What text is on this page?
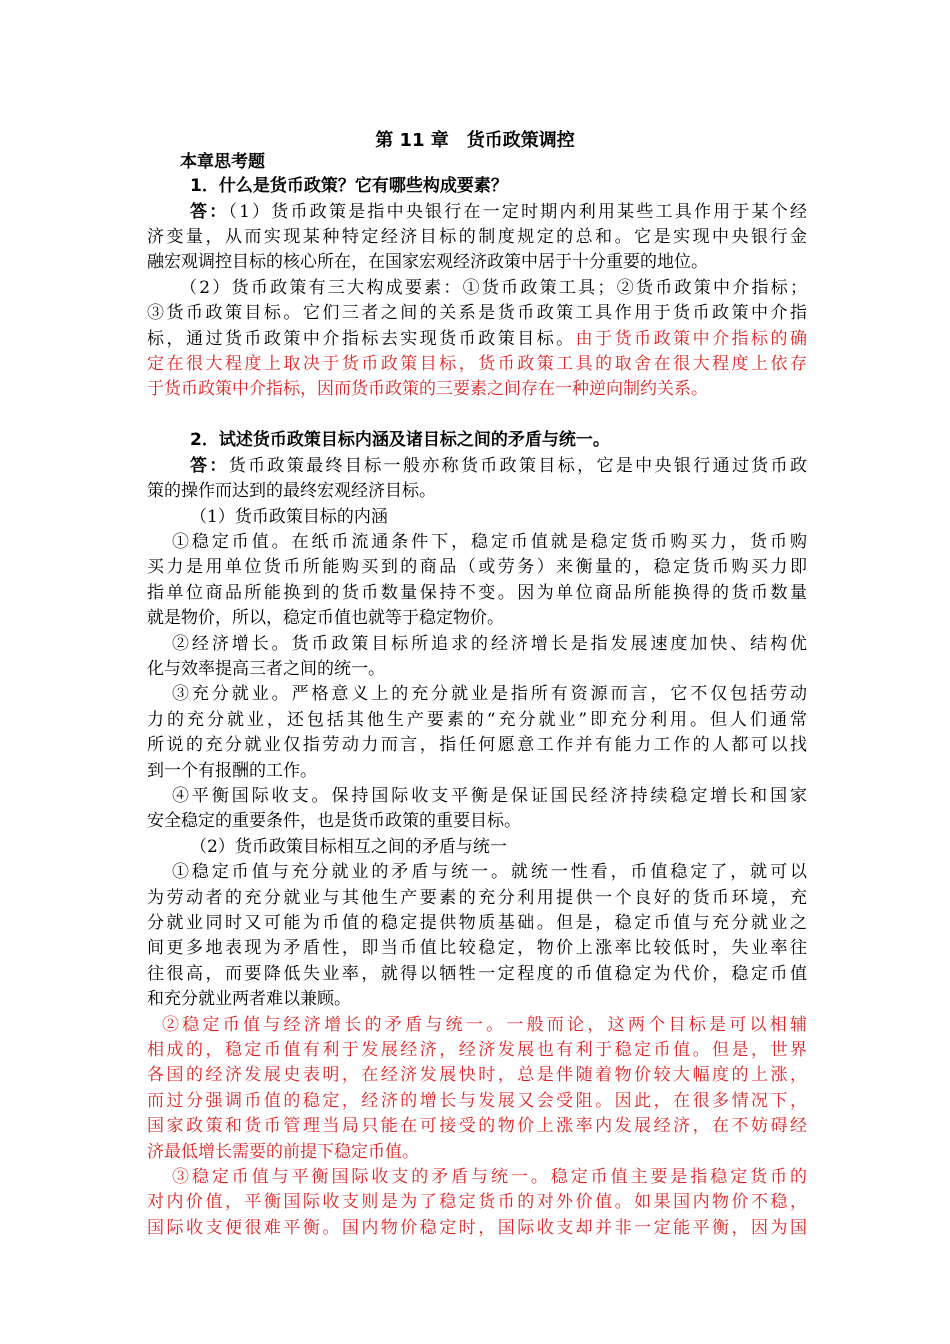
第 11 章　货币政策调控
本章思考题
1．什么是货币政策？它有哪些构成要素？
答：（1）货币政策是指中央银行在一定时期内利用某些工具作用于某个经
济变量，从而实现某种特定经济目标的制度规定的总和。它是实现中央银行金
融宏观调控目标的核心所在，在国家宏观经济政策中居于十分重要的地位。
（2）货币政策有三大构成要素：①货币政策工具；②货币政策中介指标；
③货币政策目标。它们三者之间的关系是货币政策工具作用于货币政策中介指
标，通过货币政策中介指标去实现货币政策目标。由于货币政策中介指标的确
定在很大程度上取决于货币政策目标，货币政策工具的取舍在很大程度上依存
于货币政策中介指标，因而货币政策的三要素之间存在一种逆向制约关系。
2．试述货币政策目标内涵及诸目标之间的矛盾与统一。
答：货币政策最终目标一般亦称货币政策目标，它是中央银行通过货币政
策的操作而达到的最终宏观经济目标。
（1）货币政策目标的内涵
①稳定币值。在纸币流通条件下，稳定币值就是稳定货币购买力，货币购
买力是用单位货币所能购买到的商品（或劳务）来衡量的，稳定货币购买力即
指单位商品所能换到的货币数量保持不变。因为单位商品所能换得的货币数量
就是物价，所以，稳定币值也就等于稳定物价。
②经济增长。货币政策目标所追求的经济增长是指发展速度加快、结构优
化与效率提高三者之间的统一。
③充分就业。严格意义上的充分就业是指所有资源而言，它不仅包括劳动
力的充分就业，还包括其他生产要素的“充分就业”即充分利用。但人们通常
所说的充分就业仅指劳动力而言，指任何愿意工作并有能力工作的人都可以找
到一个有报酬的工作。
④平衡国际收支。保持国际收支平衡是保证国民经济持续稳定增长和国家
安全稳定的重要条件，也是货币政策的重要目标。
（2）货币政策目标相互之间的矛盾与统一
①稳定币值与充分就业的矛盾与统一。就统一性看，币值稳定了，就可以
为劳动者的充分就业与其他生产要素的充分利用提供一个良好的货币环境，充
分就业同时又可能为币值的稳定提供物质基础。但是，稳定币值与充分就业之
间更多地表现为矛盾性，即当币值比较稳定，物价上涨率比较低时，失业率往
往很高，而要降低失业率，就得以牺牲一定程度的币值稳定为代价，稳定币值
和充分就业两者难以兼顾。
②稳定币值与经济增长的矛盾与统一。一般而论，这两个目标是可以相辅
相成的，稳定币值有利于发展经济，经济发展也有利于稳定币值。但是，世界
各国的经济发展史表明，在经济发展快时，总是伴随着物价较大幅度的上涨，
而过分强调币值的稳定，经济的增长与发展又会受阻。因此，在很多情况下，
国家政策和货币管理当局只能在可接受的物价上涨率内发展经济，在不妨碍经
济最低增长需要的前提下稳定币值。
③稳定币值与平衡国际收支的矛盾与统一。稳定币值主要是指稳定货币的
对内价值，平衡国际收支则是为了稳定货币的对外价值。如果国内物价不稳，
国际收支便很难平衡。国内物价稳定时，国际收支却并非一定能平衡，因为国
